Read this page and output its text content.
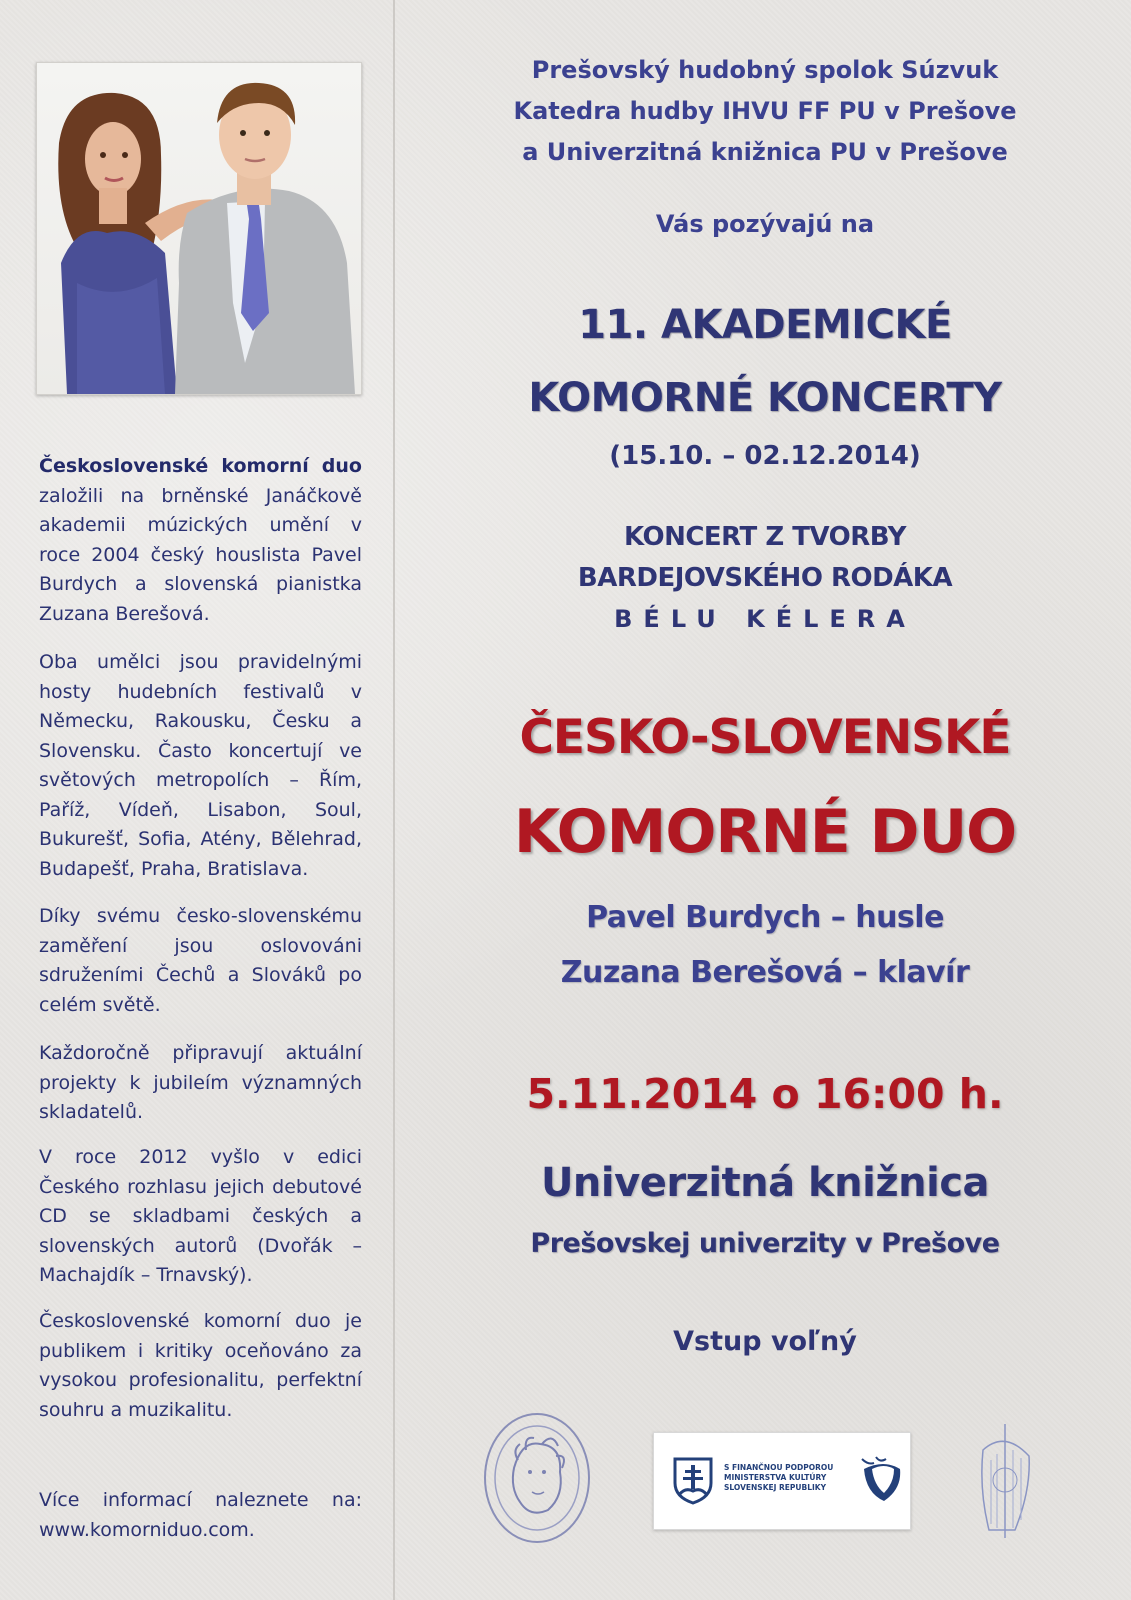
Československé komorní duo založili na brněnské Janáčkově akademii múzických umění v roce 2004 český houslista Pavel Burdych a slovenská pianistka Zuzana Berešová.
Oba umělci jsou pravidelnými hosty hudebních festivalů v Německu, Rakousku, Česku a Slovensku. Často koncertují ve světových metropolích – Řím, Paříž, Vídeň, Lisabon, Soul, Bukurešť, Sofia, Atény, Bělehrad, Budapešť, Praha, Bratislava.
Díky svému česko-slovenskému zaměření jsou oslovováni sdruženími Čechů a Slováků po celém světě.
Každoročně připravují aktuální projekty k jubileím významných skladatelů.
V roce 2012 vyšlo v edici Českého rozhlasu jejich debutové CD se skladbami českých a slovenských autorů (Dvořák – Machajdík – Trnavský).
Československé komorní duo je publikem i kritiky oceňováno za vysokou profesionalitu, perfektní souhru a muzikalitu.
Více informací naleznete na:
www.komorniduo.com.
Prešovský hudobný spolok Súzvuk
Katedra hudby IHVU FF PU v Prešove
a Univerzitná knižnica PU v Prešove
Vás pozývajú na
11. AKADEMICKÉ
KOMORNÉ KONCERTY
(15.10. – 02.12.2014)
KONCERT Z TVORBY
BARDEJOVSKÉHO RODÁKA
BÉLU KÉLERA
ČESKO-SLOVENSKÉ
KOMORNÉ DUO
Pavel Burdych – husle
Zuzana Berešová – klavír
5.11.2014 o 16:00 h.
Univerzitná knižnica
Prešovskej univerzity v Prešove
Vstup voľný
S FINANČNOU PODPOROU MINISTERSTVA KULTÚRY SLOVENSKEJ REPUBLIKY
